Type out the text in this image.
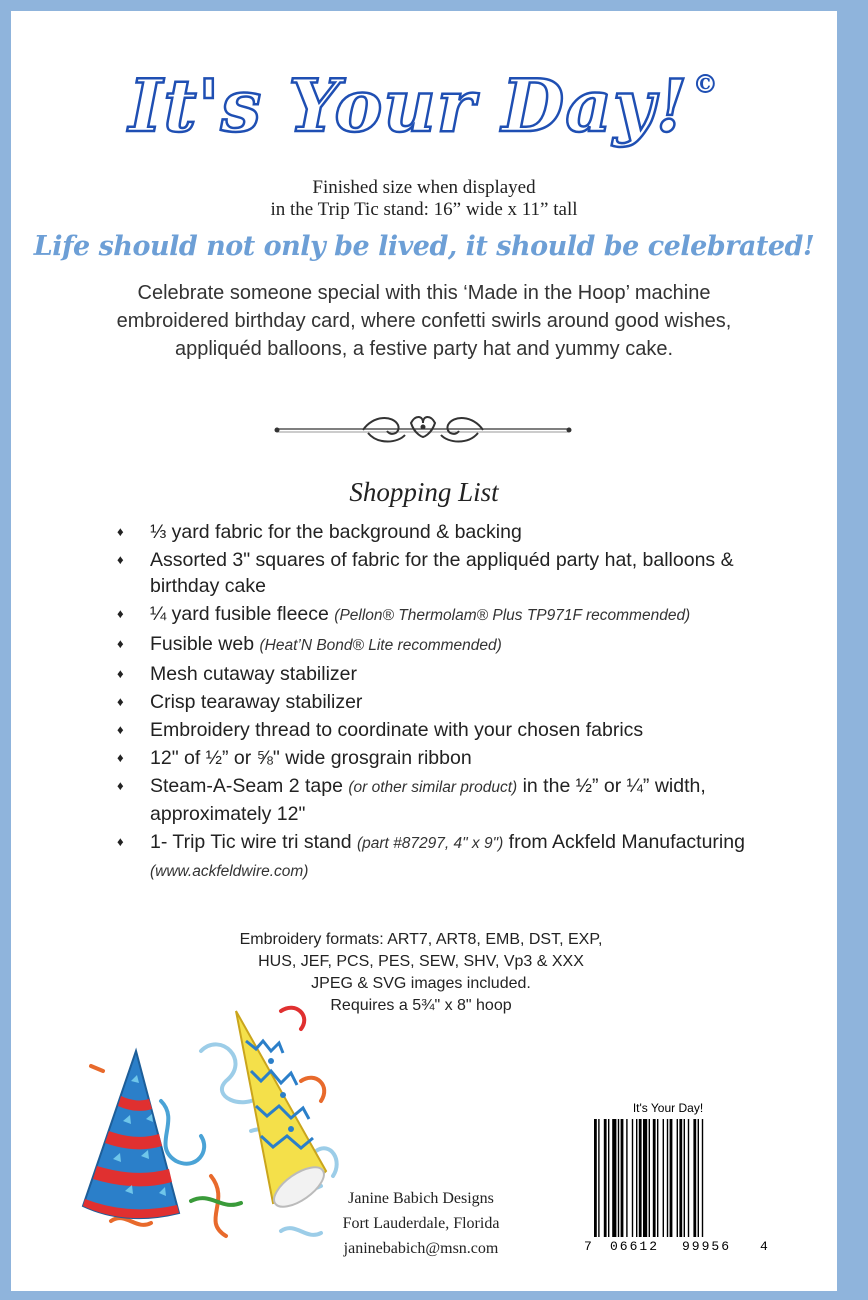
It's Your Day! ©
Finished size when displayed
in the Trip Tic stand: 16” wide x 11” tall
Life should not only be lived, it should be celebrated!
Celebrate someone special with this ‘Made in the Hoop’ machine embroidered birthday card, where confetti swirls around good wishes, appliquéd balloons, a festive party hat and yummy cake.
Shopping List
♦ ⅓ yard fabric for the background & backing
♦ Assorted 3" squares of fabric for the appliquéd party hat, balloons & birthday cake
♦ ¼ yard fusible fleece (Pellon® Thermolam® Plus TP971F recommended)
♦ Fusible web (Heat’N Bond® Lite recommended)
♦ Mesh cutaway stabilizer
♦ Crisp tearaway stabilizer
♦ Embroidery thread to coordinate with your chosen fabrics
♦ 12" of ½” or ⅝" wide grosgrain ribbon
♦ Steam-A-Seam 2 tape (or other similar product) in the ½” or ¼” width, approximately 12"
♦ 1- Trip Tic wire tri stand (part #87297, 4" x 9") from Ackfeld Manufacturing (www.ackfeldwire.com)
Embroidery formats: ART7, ART8, EMB, DST, EXP,
HUS, JEF, PCS, PES, SEW, SHV, Vp3 & XXX
JPEG & SVG images included.
Requires a 5¾" x 8" hoop
Janine Babich Designs
Fort Lauderdale, Florida
janinebabich@msn.com
It's Your Day!
7 06612 99956 4
